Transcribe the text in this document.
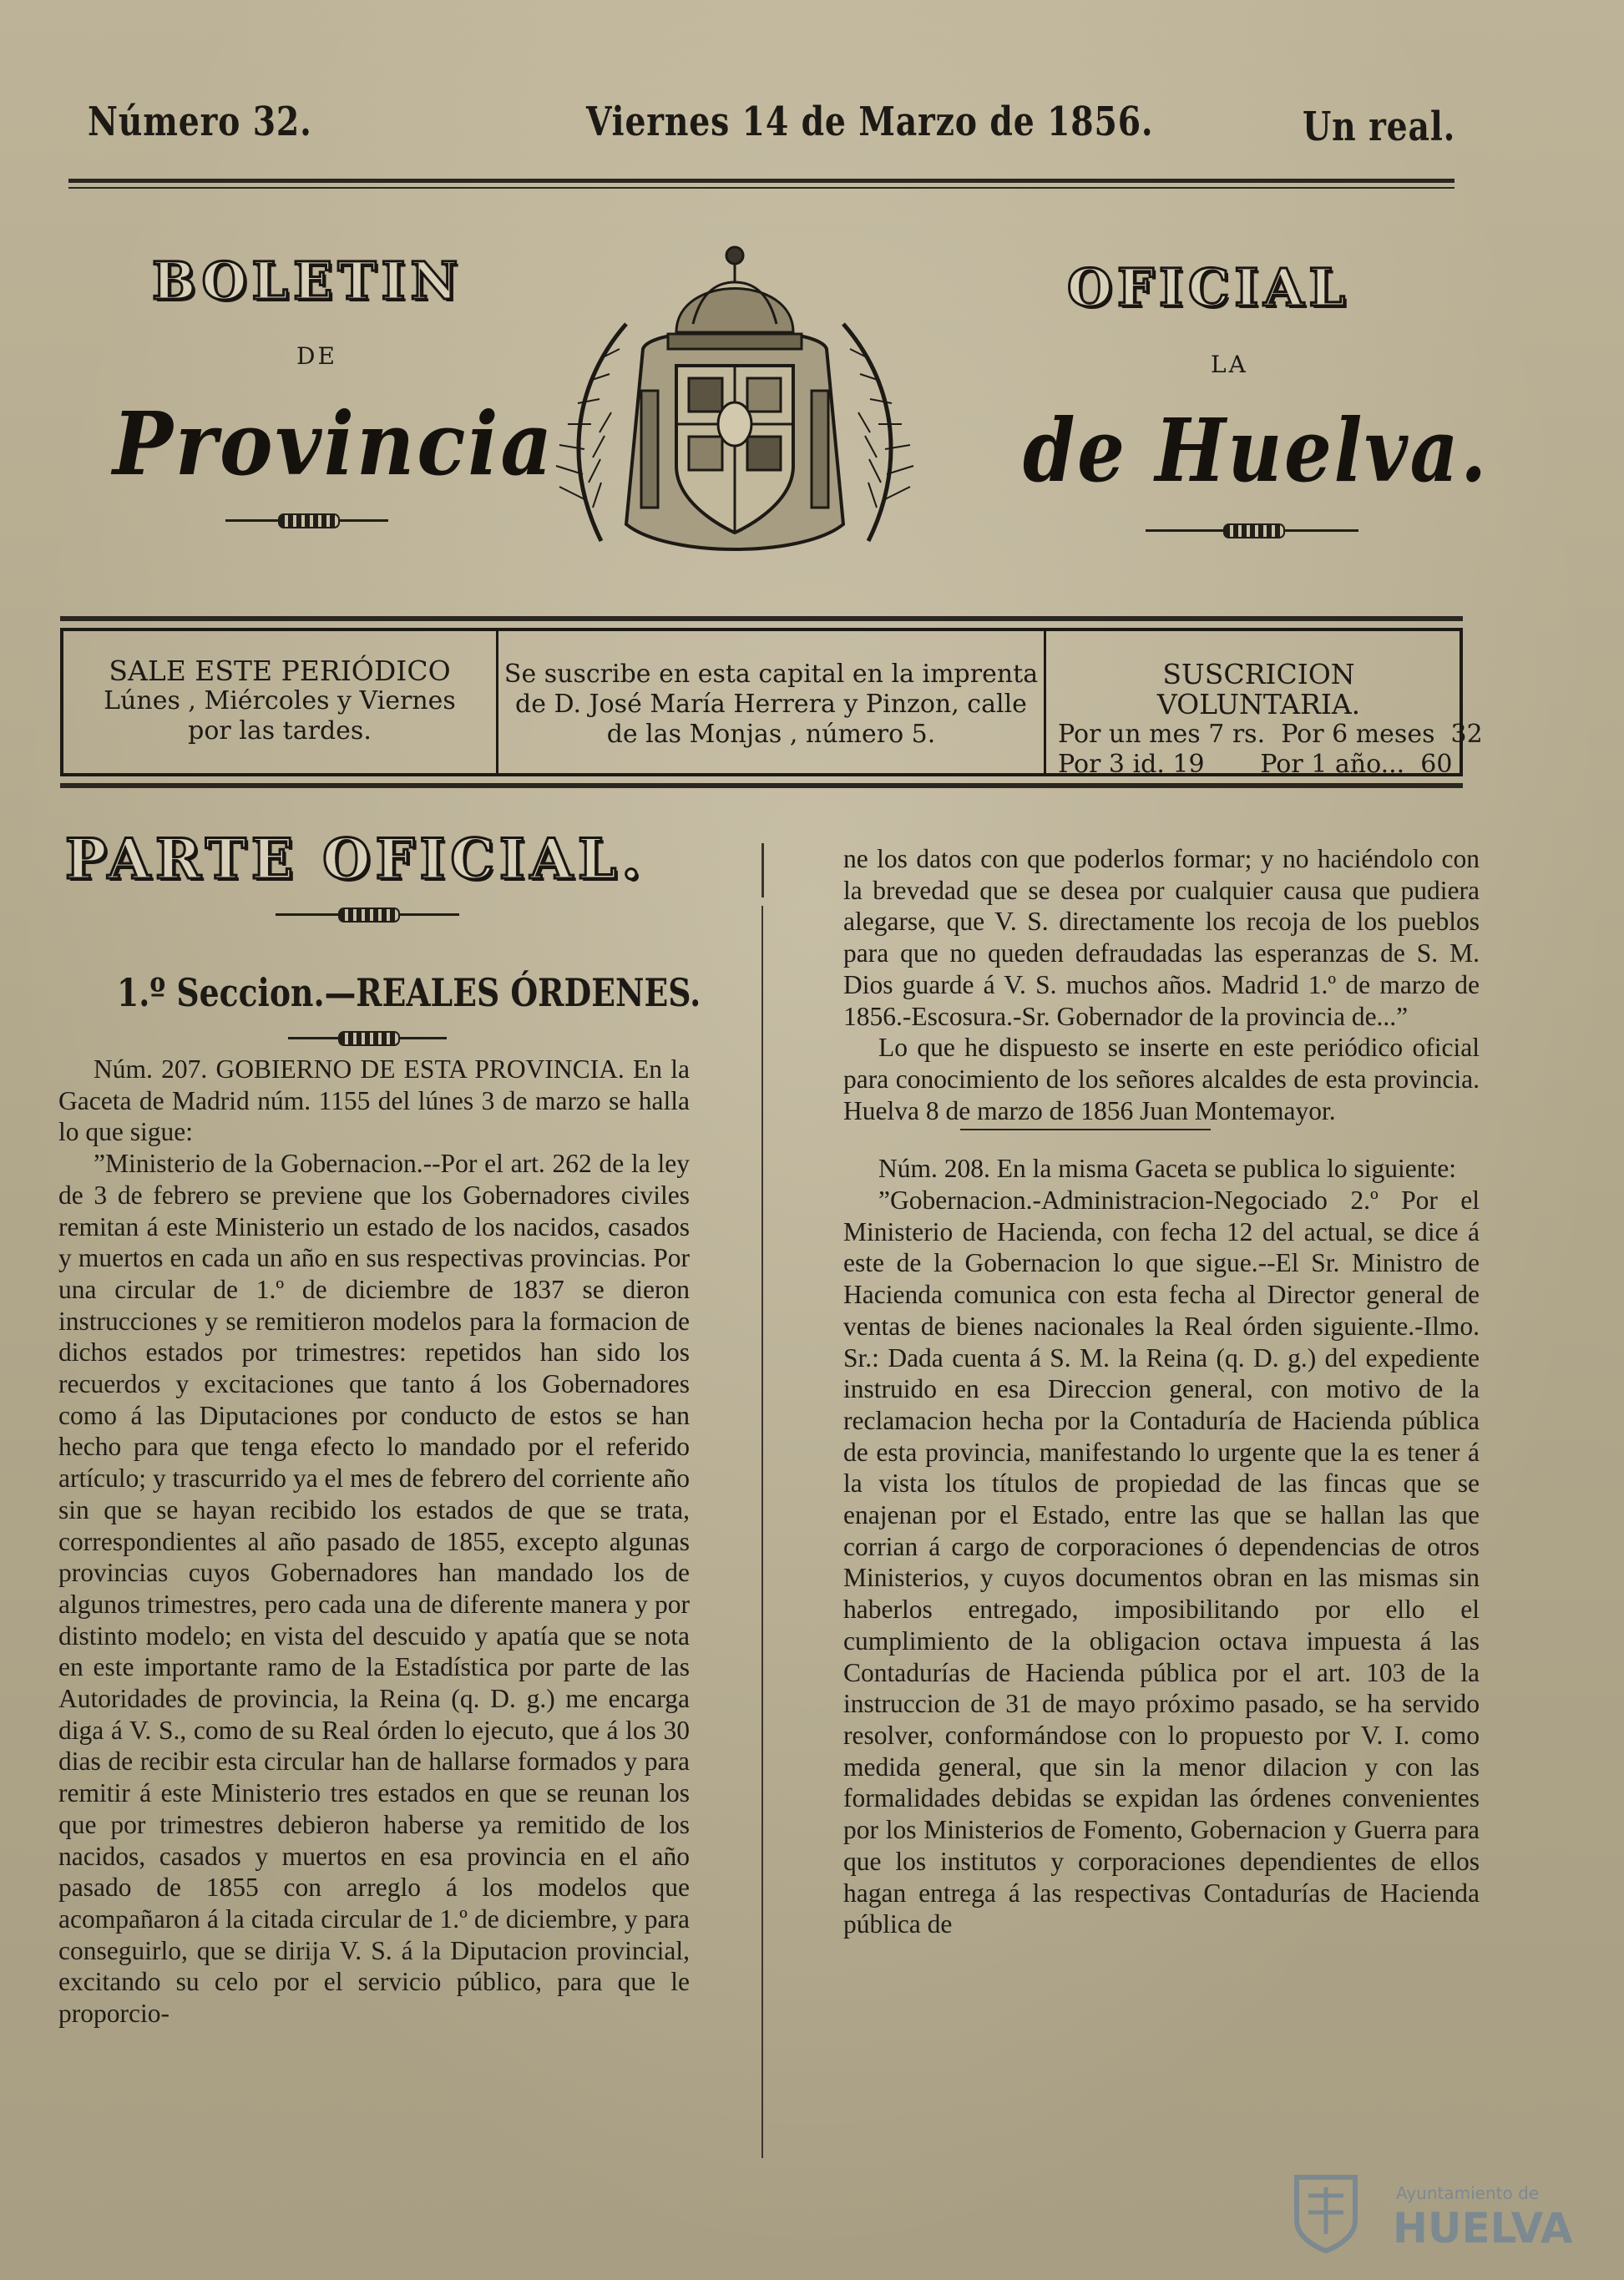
Número 32.	Viernes 14 de Marzo de 1856.	Un real.
BOLETIN	OFICIAL
DE	LA
Provincia	de Huelva.
SALE ESTE PERIÓDICO
Lúnes , Miércoles y Viernes
por las tardes.
Se suscribe en esta capital en la imprenta
de D. José María Herrera y Pinzon, calle
de las Monjas , número 5.
SUSCRICION VOLUNTARIA.
Por un mes 7 rs.  Por 6 meses  32
Por 3 id. 19       Por 1 año...  60
PARTE OFICIAL.
1.º Seccion.—REALES ÓRDENES.

Núm. 207. GOBIERNO DE ESTA PROVINCIA. En la Gaceta de Madrid núm. 1155 del lúnes 3 de marzo se halla lo que sigue:

”Ministerio de la Gobernacion.--Por el art. 262 de la ley de 3 de febrero se previene que los Gobernadores civiles remitan á este Ministerio un estado de los nacidos, casados y muertos en cada un año en sus respectivas provincias. Por una circular de 1.º de diciembre de 1837 se dieron instrucciones y se remitieron modelos para la formacion de dichos estados por trimestres: repetidos han sido los recuerdos y excitaciones que tanto á los Gobernadores como á las Diputaciones por conducto de estos se han hecho para que tenga efecto lo mandado por el referido artículo; y trascurrido ya el mes de febrero del corriente año sin que se hayan recibido los estados de que se trata, correspondientes al año pasado de 1855, excepto algunas provincias cuyos Gobernadores han mandado los de algunos trimestres, pero cada una de diferente manera y por distinto modelo; en vista del descuido y apatía que se nota en este importante ramo de la Estadística por parte de las Autoridades de provincia, la Reina (q. D. g.) me encarga diga á V. S., como de su Real órden lo ejecuto, que á los 30 dias de recibir esta circular han de hallarse formados y para remitir á este Ministerio tres estados en que se reunan los que por trimestres debieron haberse ya remitido de los nacidos, casados y muertos en esa provincia en el año pasado de 1855 con arreglo á los modelos que acompañaron á la citada circular de 1.º de diciembre, y para conseguirlo, que se dirija V. S. á la Diputacion provincial, excitando su celo por el servicio público, para que le proporcio-

ne los datos con que poderlos formar; y no haciéndolo con la brevedad que se desea por cualquier causa que pudiera alegarse, que V. S. directamente los recoja de los pueblos para que no queden defraudadas las esperanzas de S. M. Dios guarde á V. S. muchos años. Madrid 1.º de marzo de 1856.-Escosura.-Sr. Gobernador de la provincia de...”

Lo que he dispuesto se inserte en este periódico oficial para conocimiento de los señores alcaldes de esta provincia. Huelva 8 de marzo de 1856 Juan Montemayor.

Núm. 208. En la misma Gaceta se publica lo siguiente:

”Gobernacion.-Administracion-Negociado 2.º Por el Ministerio de Hacienda, con fecha 12 del actual, se dice á este de la Gobernacion lo que sigue.--El Sr. Ministro de Hacienda comunica con esta fecha al Director general de ventas de bienes nacionales la Real órden siguiente.-Ilmo. Sr.: Dada cuenta á S. M. la Reina (q. D. g.) del expediente instruido en esa Direccion general, con motivo de la reclamacion hecha por la Contaduría de Hacienda pública de esta provincia, manifestando lo urgente que la es tener á la vista los títulos de propiedad de las fincas que se enajenan por el Estado, entre las que se hallan las que corrian á cargo de corporaciones ó dependencias de otros Ministerios, y cuyos documentos obran en las mismas sin haberlos entregado, imposibilitando por ello el cumplimiento de la obligacion octava impuesta á las Contadurías de Hacienda pública por el art. 103 de la instruccion de 31 de mayo próximo pasado, se ha servido resolver, conformándose con lo propuesto por V. I. como medida general, que sin la menor dilacion y con las formalidades debidas se expidan las órdenes convenientes por los Ministerios de Fomento, Gobernacion y Guerra para que los institutos y corporaciones dependientes de ellos hagan entrega á las respectivas Contadurías de Hacienda pública de

Ayuntamiento de
HUELVA
